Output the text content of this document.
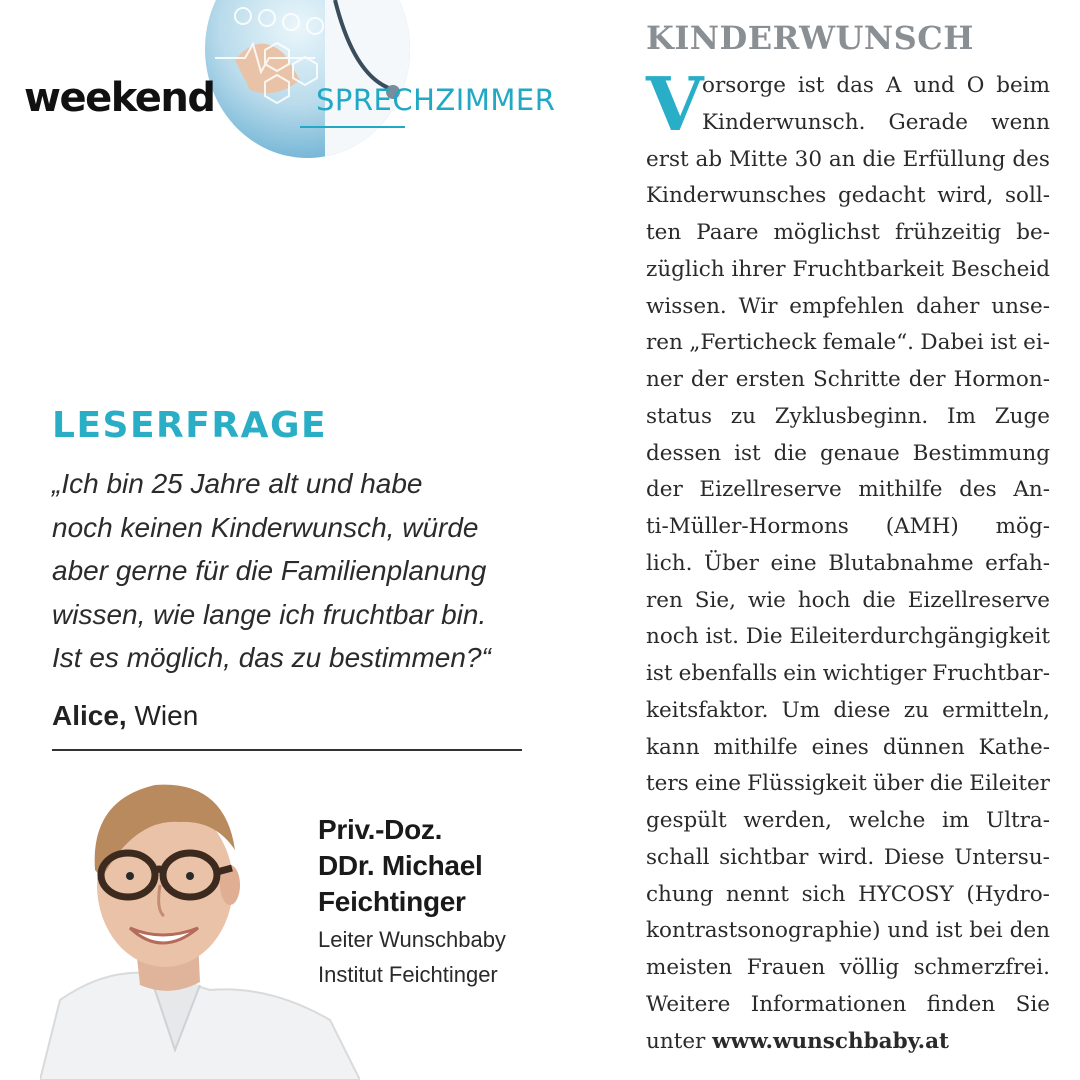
weekend	SPRECHZIMMER
LESERFRAGE

„Ich bin 25 Jahre alt und habe
noch keinen Kinderwunsch, würde
aber gerne für die Familienplanung
wissen, wie lange ich fruchtbar bin.
Ist es möglich, das zu bestimmen?“

Alice, Wien
Priv.-Doz.
DDr. Michael
Feichtinger
Leiter Wunschbaby
Institut Feichtinger
KINDERWUNSCH
V
orsorge ist das A und O beim
Kinderwunsch. Gerade wenn
erst ab Mitte 30 an die Erfüllung des
Kinderwunsches gedacht wird, soll-
ten Paare möglichst frühzeitig be-
züglich ihrer Fruchtbarkeit Bescheid
wissen. Wir empfehlen daher unse-
ren „Ferticheck female“. Dabei ist ei-
ner der ersten Schritte der Hormon-
status zu Zyklusbeginn. Im Zuge
dessen ist die genaue Bestimmung
der Eizellreserve mithilfe des An-
ti-Müller-Hormons (AMH) mög-
lich. Über eine Blutabnahme erfah-
ren Sie, wie hoch die Eizellreserve
noch ist. Die Eileiterdurchgängigkeit
ist ebenfalls ein wichtiger Fruchtbar-
keitsfaktor. Um diese zu ermitteln,
kann mithilfe eines dünnen Kathe-
ters eine Flüssigkeit über die Eileiter
gespült werden, welche im Ultra-
schall sichtbar wird. Diese Untersu-
chung nennt sich HYCOSY (Hydro-
kontrastsonographie) und ist bei den
meisten Frauen völlig schmerzfrei.
Weitere Informationen finden Sie
unter www.wunschbaby.at
